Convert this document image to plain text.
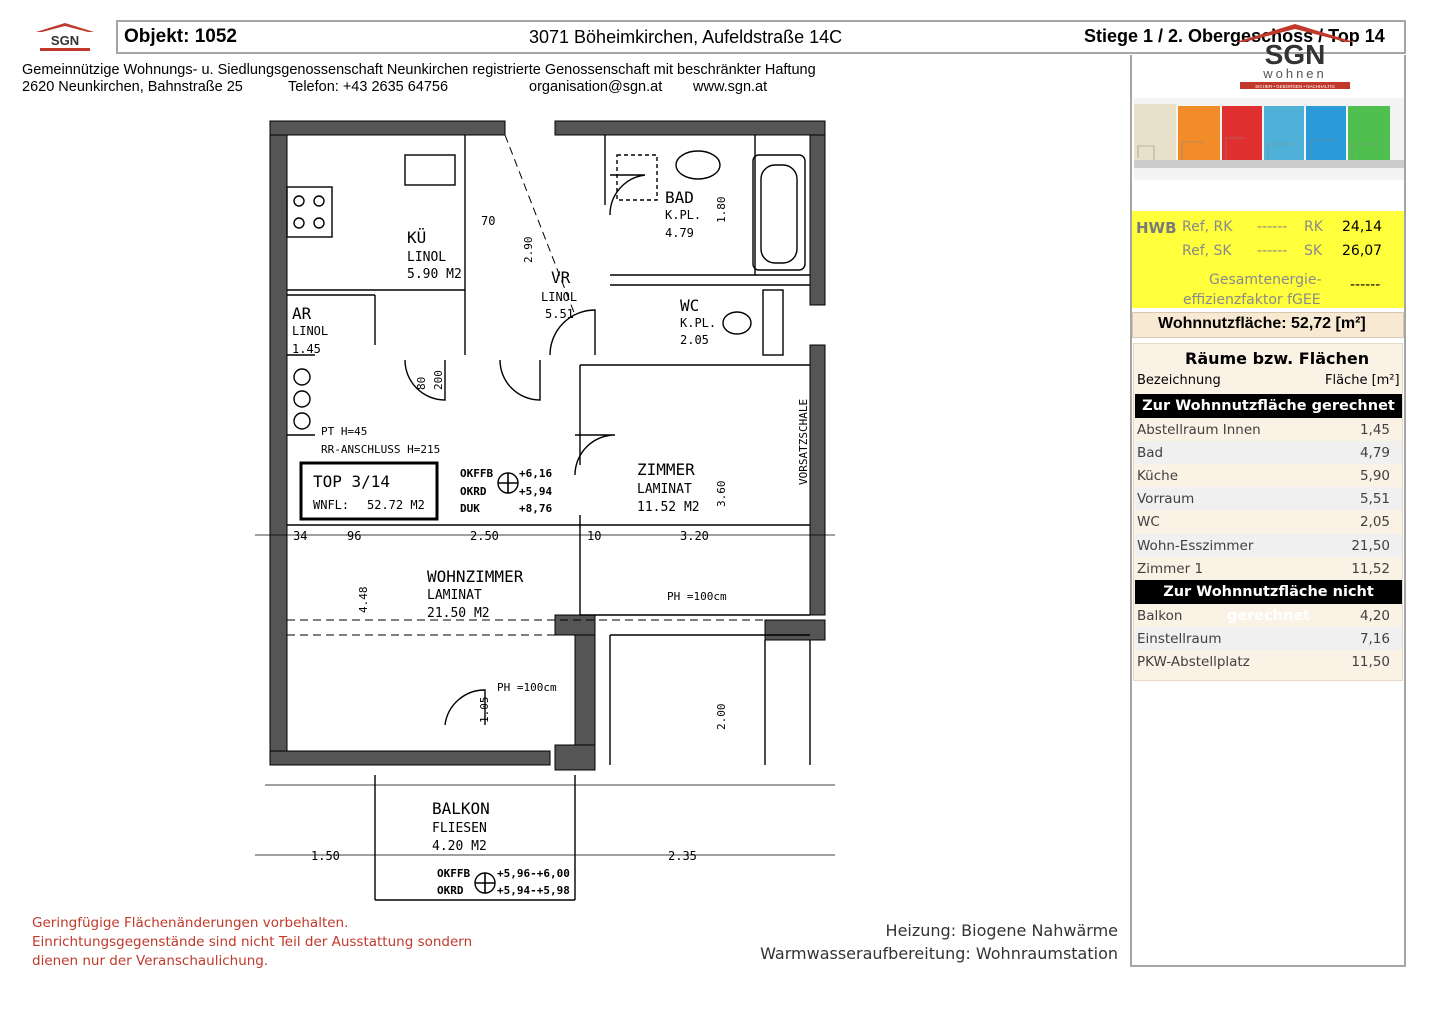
SGN Objekt: 1052	3071 Böheimkirchen, Aufeldstraße 14C	Stiege 1 / 2. Obergeschoss / Top 14
Gemeinnützige Wohnungs- u. Siedlungsgenossenschaft Neunkirchen registrierte Genossenschaft mit beschränkter Haftung
2620 Neunkirchen, Bahnstraße 25	Telefon: +43 2635 64756	organisation@sgn.at www.sgn.at
SGN
wohnen
SICHER • GEBORGEN • NACHHALTIG
HWB Ref, RK ------ RK 24,14
Ref, SK ------ SK 26,07
Gesamtenergie-
effizienzfaktor fGEE
------
Wohnnutzfläche: 52,72 [m²]
Räume bzw. Flächen
Bezeichnung	Fläche [m²]
Zur Wohnnutzfläche gerechnet
Abstellraum Innen	1,45
Bad	4,79
Küche	5,90
Vorraum	5,51
WC	2,05
Wohn-Esszimmer	21,50
Zimmer 1	11,52
Zur Wohnnutzfläche nicht gerechnet
Balkon	4,20
Einstellraum	7,16
PKW-Abstellplatz	11,50
KÜ
LINOL
5.90 M2
BAD
K.PL.
4.79
VR
LINOL
5.51	WC
K.PL.
2.05
AR
LINOL
1.45
ZIMMER
LAMINAT
11.52 M2
WOHNZIMMER
LAMINAT
21.50 M2
BALKON
FLIESEN
4.20 M2
TOP 3/14
WNFL: 52.72 M2
OKFFB
OKRD
DUK
+6,16
+5,94
+8,76
OKFFB
OKRD
+5,96-+6,00
+5,94-+5,98
PT H=45
RR-ANSCHLUSS H=215
PH =100cm
PH =100cm
VORSATZSCHALE
2.50	3.20
1.50	2.35
4.48
3.60
2.00
2.90
1.80
1.05
80 200
70
96
34	10
Geringfügige Flächenänderungen vorbehalten.
Einrichtungsgegenstände sind nicht Teil der Ausstattung sondern
dienen nur der Veranschaulichung.
Heizung: Biogene Nahwärme
Warmwasseraufbereitung: Wohnraumstation
